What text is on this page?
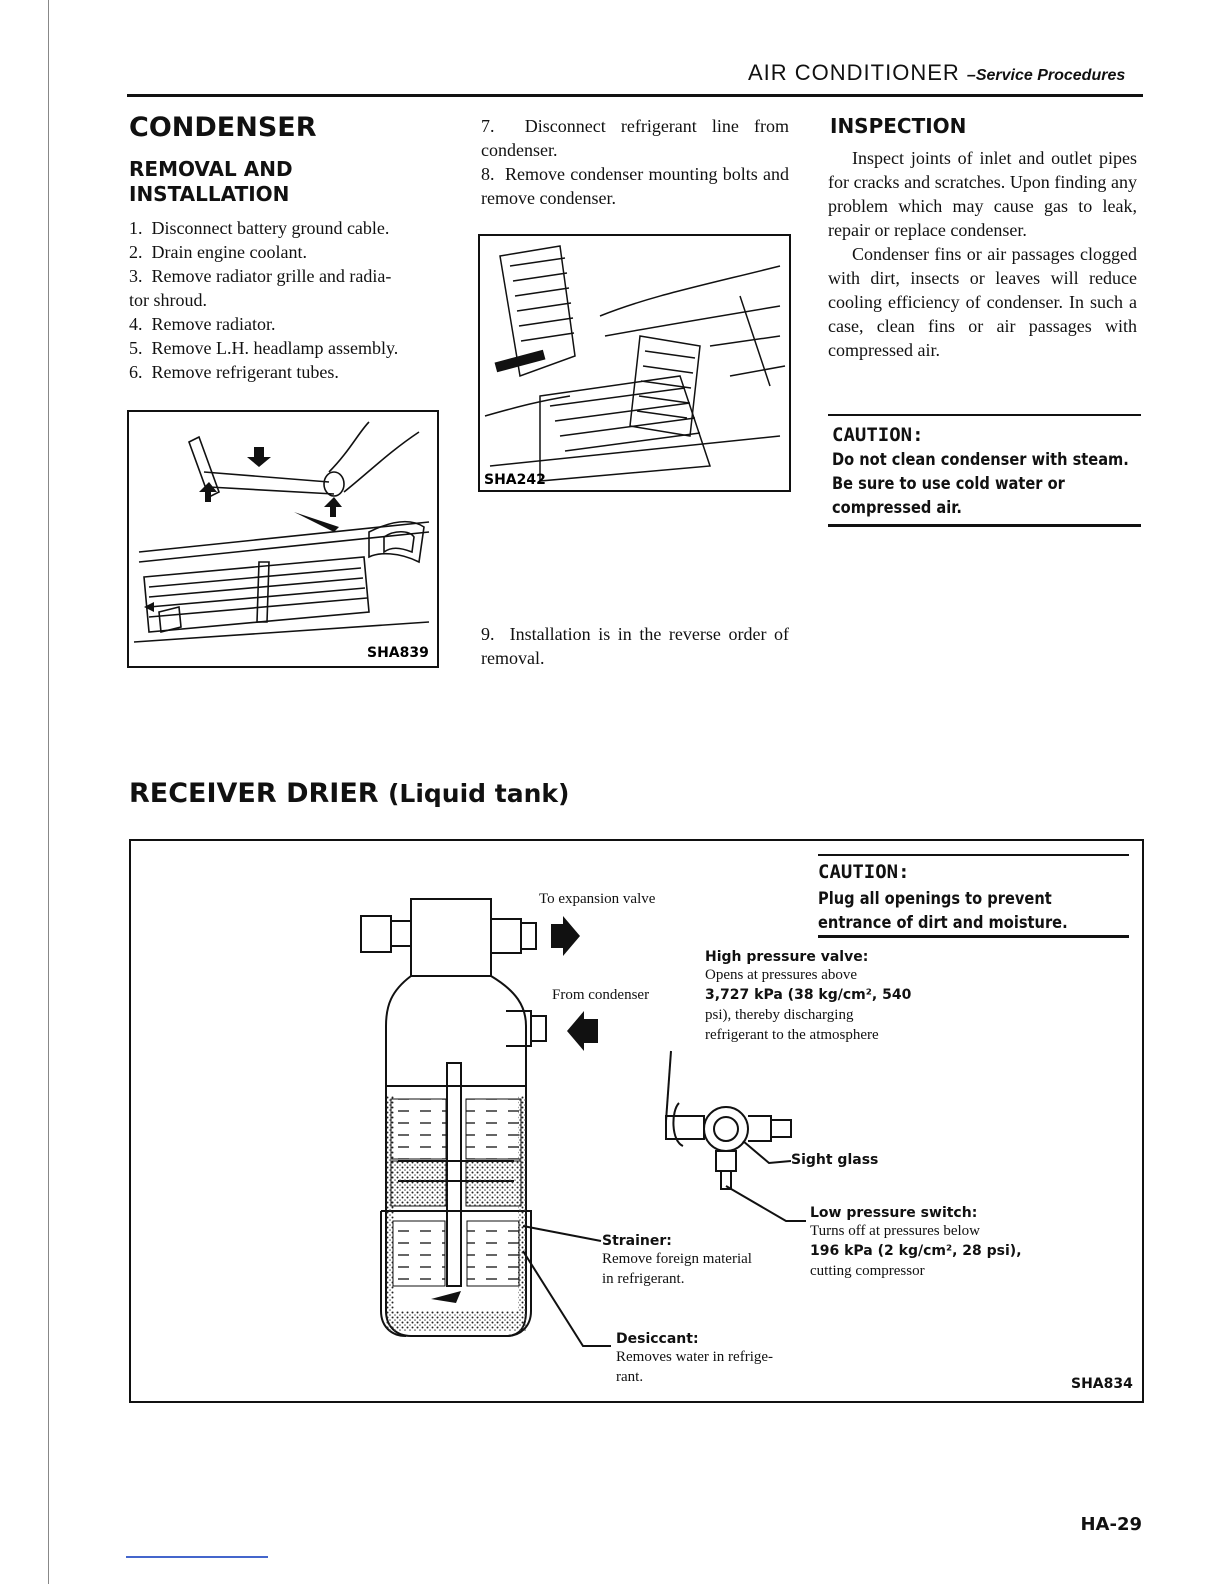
AIR CONDITIONER –Service Procedures
CONDENSER
REMOVAL AND
INSTALLATION

1. Disconnect battery ground cable.

2. Drain engine coolant.

3. Remove radiator grille and radia-

tor shroud.

4. Remove radiator.

5. Remove L.H. headlamp assembly.

6. Remove refrigerant tubes.

SHA839

7. Disconnect refrigerant line from condenser.

8. Remove condenser mounting bolts and remove condenser.

SHA242

9. Installation is in the reverse order of removal.

INSPECTION

Inspect joints of inlet and outlet pipes for cracks and scratches. Upon finding any problem which may cause gas to leak, repair or replace condenser.

Condenser fins or air passages clogged with dirt, insects or leaves will reduce cooling efficiency of condenser. In such a case, clean fins or air passages with compressed air.

CAUTION:
Do not clean condenser with steam. Be sure to use cold water or compressed air.
RECEIVER DRIER (Liquid tank)
CAUTION:
Plug all openings to prevent entrance of dirt and moisture.
To expansion valve
From condenser
High pressure valve:
Opens at pressures above
3,727 kPa (38 kg/cm², 540
psi), thereby discharging
refrigerant to the atmosphere
Sight glass
Low pressure switch:
Turns off at pressures below
196 kPa (2 kg/cm², 28 psi),
cutting compressor
Strainer:
Remove foreign material
in refrigerant.
Desiccant:
Removes water in refrige-
rant.	SHA834
HA-29
